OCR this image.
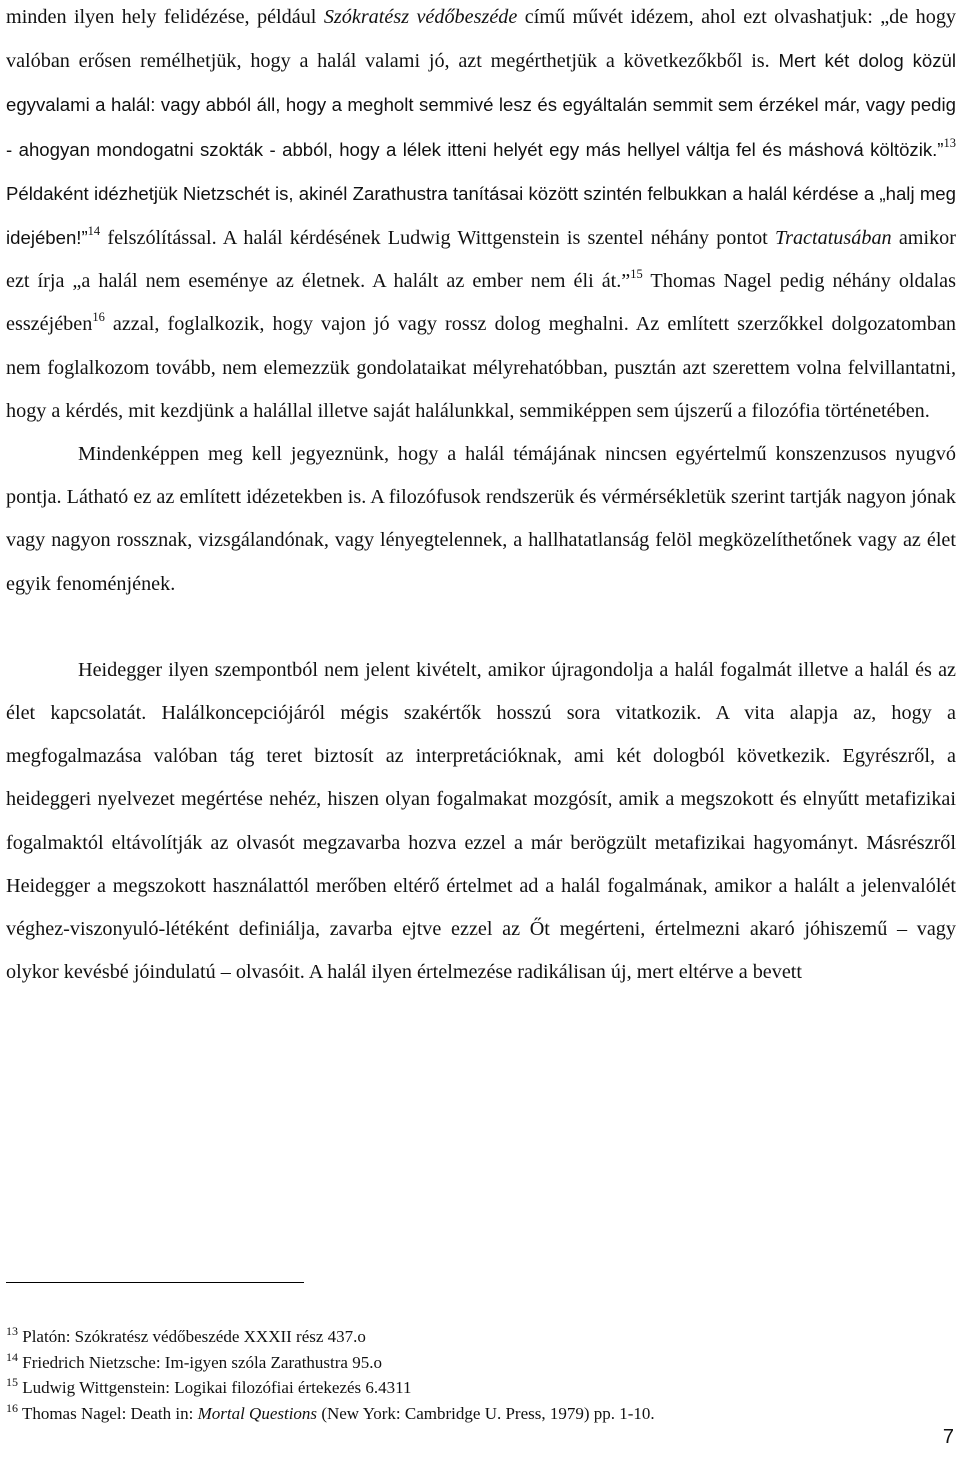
minden ilyen hely felidézése, például Szókratész védőbeszéde című művét idézem, ahol ezt olvashatjuk: „de hogy valóban erősen remélhetjük, hogy a halál valami jó, azt megérthetjük a következőkből is. Mert két dolog közül egyvalami a halál: vagy abból áll, hogy a megholt semmivé lesz és egyáltalán semmit sem érzékel már, vagy pedig - ahogyan mondogatni szokták - abból, hogy a lélek itteni helyét egy más hellyel váltja fel és máshová költözik.”$^{13}$ Példaként idézhetjük Nietzschét is, akinél Zarathustra tanításai között szintén felbukkan a halál kérdése a „halj meg idejében!”$^{14}$ felszólítással. A halál kérdésének Ludwig Wittgenstein is szentel néhány pontot Tractatusában amikor ezt írja „a halál nem eseménye az életnek. A halált az ember nem éli át.”$^{15}$ Thomas Nagel pedig néhány oldalas esszéjében$^{16}$ azzal, foglalkozik, hogy vajon jó vagy rossz dolog meghalni. Az említett szerzőkkel dolgozatomban nem foglalkozom tovább, nem elemezzük gondolataikat mélyrehatóbban, pusztán azt szerettem volna felvillantatni, hogy a kérdés, mit kezdjünk a halállal illetve saját halálunkkal, semmiképpen sem újszerű a filozófia történetében.

Mindenképpen meg kell jegyeznünk, hogy a halál témájának nincsen egyértelmű konszenzusos nyugvó pontja. Látható ez az említett idézetekben is. A filozófusok rendszerük és vérmérsékletük szerint tartják nagyon jónak vagy nagyon rossznak, vizsgálandónak, vagy lényegtelennek, a hallhatatlanság felöl megközelíthetőnek vagy az élet egyik fenoménjének.

Heidegger ilyen szempontból nem jelent kivételt, amikor újragondolja a halál fogalmát illetve a halál és az élet kapcsolatát. Halálkoncepciójáról mégis szakértők hosszú sora vitatkozik. A vita alapja az, hogy a megfogalmazása valóban tág teret biztosít az interpretációknak, ami két dologból következik. Egyrészről, a heideggeri nyelvezet megértése nehéz, hiszen olyan fogalmakat mozgósít, amik a megszokott és elnyűtt metafizikai fogalmaktól eltávolítják az olvasót megzavarba hozva ezzel a már berögzült metafizikai hagyományt. Másrészről Heidegger a megszokott használattól merőben eltérő értelmet ad a halál fogalmának, amikor a halált a jelenvalólét véghez-viszonyuló-létéként definiálja, zavarba ejtve ezzel az Őt megérteni, értelmezni akaró jóhiszemű – vagy olykor kevésbé jóindulatú – olvasóit. A halál ilyen értelmezése radikálisan új, mert eltérve a bevett

$^{13}$ Platón: Szókratész védőbeszéde XXXII rész 437.o
$^{14}$ Friedrich Nietzsche: Im-igyen szóla Zarathustra 95.o
$^{15}$ Ludwig Wittgenstein: Logikai filozófiai értekezés 6.4311
$^{16}$ Thomas Nagel: Death in: Mortal Questions (New York: Cambridge U. Press, 1979) pp. 1-10.
7
